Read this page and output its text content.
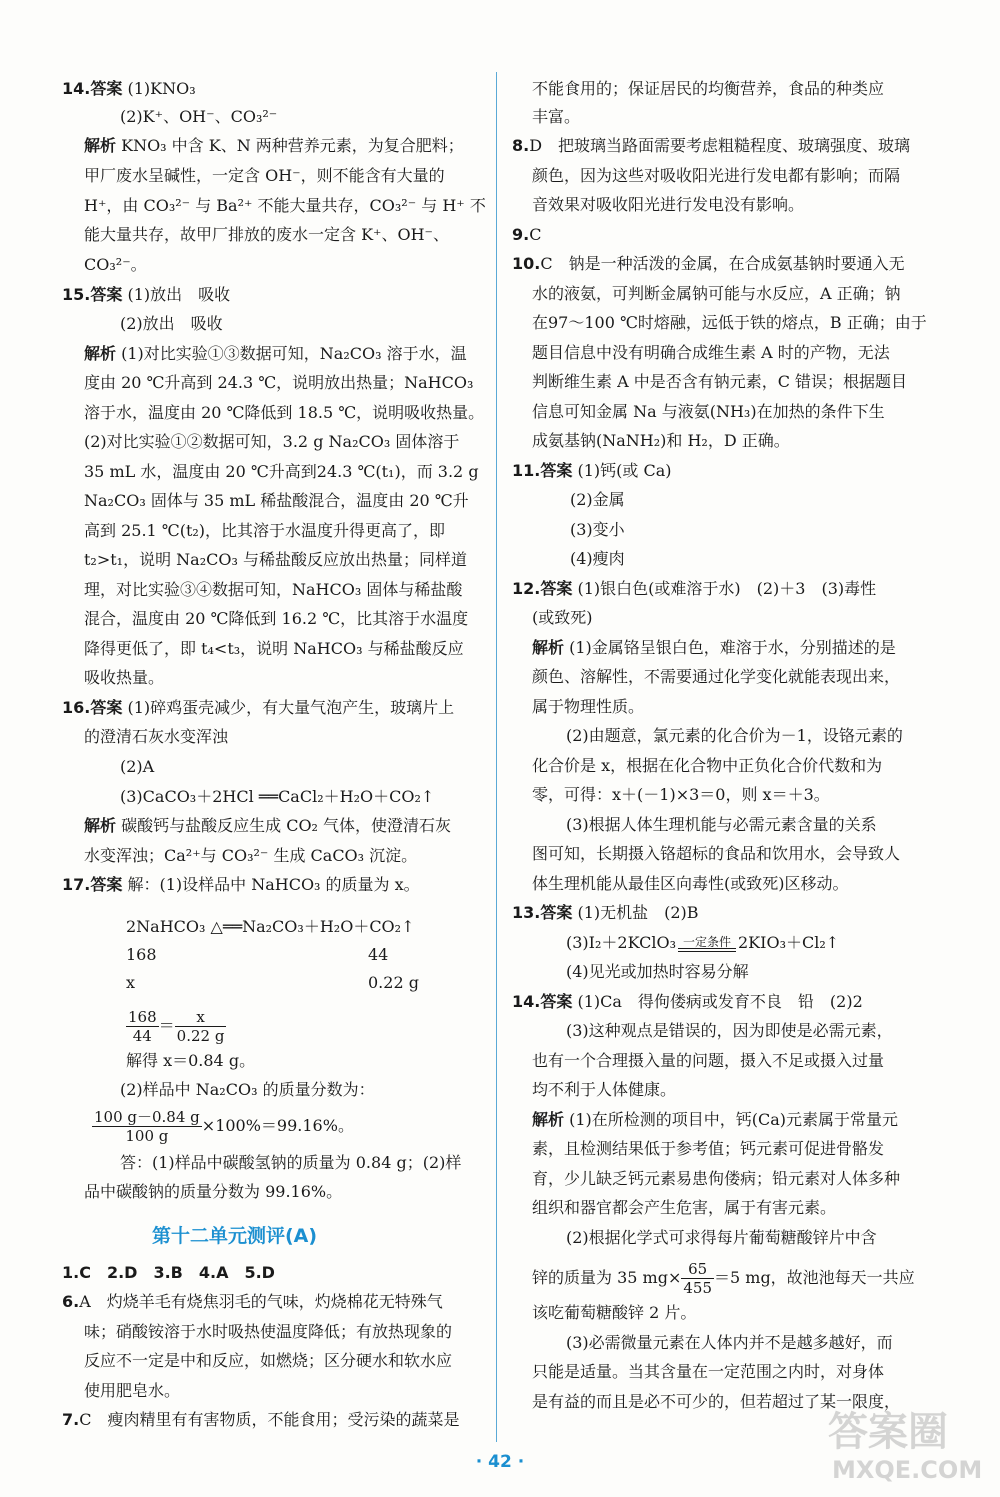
14.答案 (1)KNO₃
(2)K⁺、OH⁻、CO₃²⁻
解析 KNO₃ 中含 K、N 两种营养元素，为复合肥料；
甲厂废水呈碱性，一定含 OH⁻，则不能含有大量的
H⁺，由 CO₃²⁻ 与 Ba²⁺ 不能大量共存，CO₃²⁻ 与 H⁺ 不
能大量共存，故甲厂排放的废水一定含 K⁺、OH⁻、
CO₃²⁻。
15.答案 (1)放出　吸收
(2)放出　吸收
解析 (1)对比实验①③数据可知，Na₂CO₃ 溶于水，温
度由 20 ℃升高到 24.3 ℃，说明放出热量；NaHCO₃
溶于水，温度由 20 ℃降低到 18.5 ℃，说明吸收热量。
(2)对比实验①②数据可知，3.2 g Na₂CO₃ 固体溶于
35 mL 水，温度由 20 ℃升高到24.3 ℃(t₁)，而 3.2 g
Na₂CO₃ 固体与 35 mL 稀盐酸混合，温度由 20 ℃升
高到 25.1 ℃(t₂)，比其溶于水温度升得更高了，即
t₂>t₁，说明 Na₂CO₃ 与稀盐酸反应放出热量；同样道
理，对比实验③④数据可知，NaHCO₃ 固体与稀盐酸
混合，温度由 20 ℃降低到 16.2 ℃，比其溶于水温度
降得更低了，即 t₄<t₃，说明 NaHCO₃ 与稀盐酸反应
吸收热量。
16.答案 (1)碎鸡蛋壳减少，有大量气泡产生，玻璃片上
的澄清石灰水变浑浊
(2)A
(3)CaCO₃＋2HCl ══CaCl₂＋H₂O＋CO₂↑
解析 碳酸钙与盐酸反应生成 CO₂ 气体，使澄清石灰
水变浑浊；Ca²⁺与 CO₃²⁻ 生成 CaCO₃ 沉淀。
17.答案 解：(1)设样品中 NaHCO₃ 的质量为 x。
2NaHCO₃ △══Na₂CO₃＋H₂O＋CO₂↑
168	44
x	0.22 g
$\frac{168}{44} = \frac{x}{0.22 g}$
解得 x＝0.84 g。
(2)样品中 Na₂CO₃ 的质量分数为：
$\frac{100 g-0.84 g}{100 g} \times 100\%=99.16\%$。
答：(1)样品中碳酸氢钠的质量为 0.84 g；(2)样
品中碳酸钠的质量分数为 99.16%。
第十二单元测评(A)
1.C　2.D　3.B　4.A　5.D
6.A　灼烧羊毛有烧焦羽毛的气味，灼烧棉花无特殊气
味；硝酸铵溶于水时吸热使温度降低；有放热现象的
反应不一定是中和反应，如燃烧；区分硬水和软水应
使用肥皂水。
7.C　瘦肉精里有有害物质，不能食用；受污染的蔬菜是
不能食用的；保证居民的均衡营养，食品的种类应
丰富。
8.D　把玻璃当路面需要考虑粗糙程度、玻璃强度、玻璃
颜色，因为这些对吸收阳光进行发电都有影响；而隔
音效果对吸收阳光进行发电没有影响。
9.C
10.C　钠是一种活泼的金属，在合成氨基钠时要通入无
水的液氨，可判断金属钠可能与水反应，A 正确；钠
在97～100 ℃时熔融，远低于铁的熔点，B 正确；由于
题目信息中没有明确合成维生素 A 时的产物，无法
判断维生素 A 中是否含有钠元素，C 错误；根据题目
信息可知金属 Na 与液氨(NH₃)在加热的条件下生
成氨基钠(NaNH₂)和 H₂，D 正确。
11.答案 (1)钙(或 Ca)
(2)金属
(3)变小
(4)瘦肉
12.答案 (1)银白色(或难溶于水)　(2)＋3　(3)毒性
(或致死)
解析 (1)金属铬呈银白色，难溶于水，分别描述的是
颜色、溶解性，不需要通过化学变化就能表现出来，
属于物理性质。
(2)由题意，氯元素的化合价为－1，设铬元素的
化合价是 x，根据在化合物中正负化合价代数和为
零，可得：x＋(－1)×3＝0，则 x＝＋3。
(3)根据人体生理机能与必需元素含量的关系
图可知，长期摄入铬超标的食品和饮用水，会导致人
体生理机能从最佳区向毒性(或致死)区移动。
13.答案 (1)无机盐　(2)B
(3)I₂＋2KClO₃ 一定条件 2KIO₃＋Cl₂↑
(4)见光或加热时容易分解
14.答案 (1)Ca　得佝偻病或发育不良　铅　(2)2
(3)这种观点是错误的，因为即使是必需元素，
也有一个合理摄入量的问题，摄入不足或摄入过量
均不利于人体健康。
解析 (1)在所检测的项目中，钙(Ca)元素属于常量元
素，且检测结果低于参考值；钙元素可促进骨骼发
育，少儿缺乏钙元素易患佝偻病；铅元素对人体多种
组织和器官都会产生危害，属于有害元素。
(2)根据化学式可求得每片葡萄糖酸锌片中含
锌的质量为 35 $mg\times \frac{65}{455} =5$ mg，故池池每天一共应
该吃葡萄糖酸锌 2 片。
(3)必需微量元素在人体内并不是越多越好，而
只能是适量。当其含量在一定范围之内时，对身体
是有益的而且是必不可少的，但若超过了某一限度，
· 42 ·
答案圈
MXQE.COM
